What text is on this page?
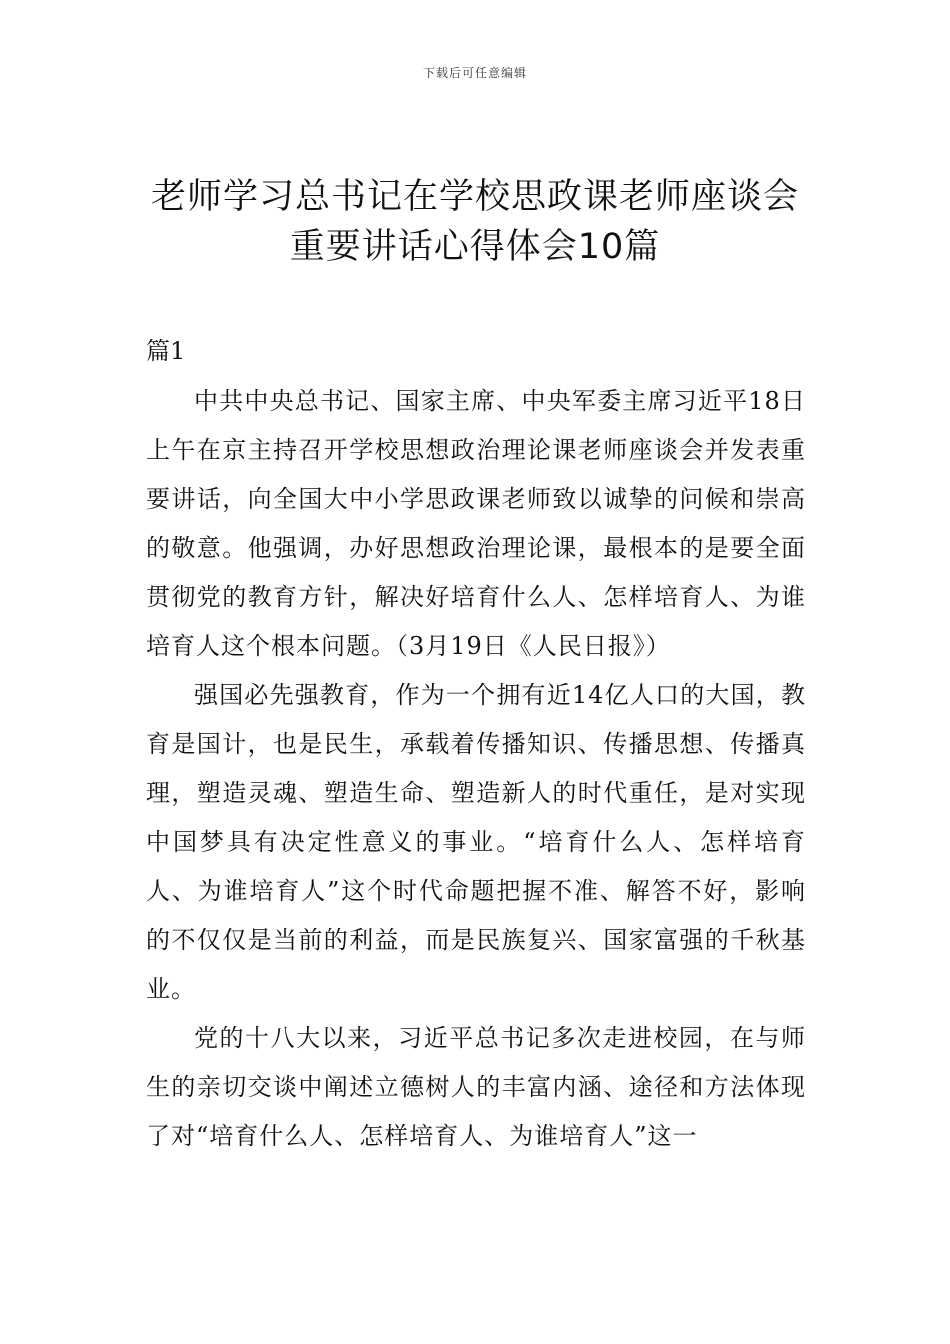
下载后可任意编辑
老师学习总书记在学校思政课老师座谈会
重要讲话心得体会10篇
篇1

中共中央总书记、国家主席、中央军委主席习近平18日上午在京主持召开学校思想政治理论课老师座谈会并发表重要讲话，向全国大中小学思政课老师致以诚挚的问候和崇高的敬意。他强调，办好思想政治理论课，最根本的是要全面贯彻党的教育方针，解决好培育什么人、怎样培育人、为谁培育人这个根本问题。（3月19日《人民日报》）

强国必先强教育，作为一个拥有近14亿人口的大国，教育是国计，也是民生，承载着传播知识、传播思想、传播真理，塑造灵魂、塑造生命、塑造新人的时代重任，是对实现中国梦具有决定性意义的事业。“培育什么人、怎样培育人、为谁培育人”这个时代命题把握不准、解答不好，影响的不仅仅是当前的利益，而是民族复兴、国家富强的千秋基业。

党的十八大以来，习近平总书记多次走进校园，在与师生的亲切交谈中阐述立德树人的丰富内涵、途径和方法体现了对“培育什么人、怎样培育人、为谁培育人”这一
